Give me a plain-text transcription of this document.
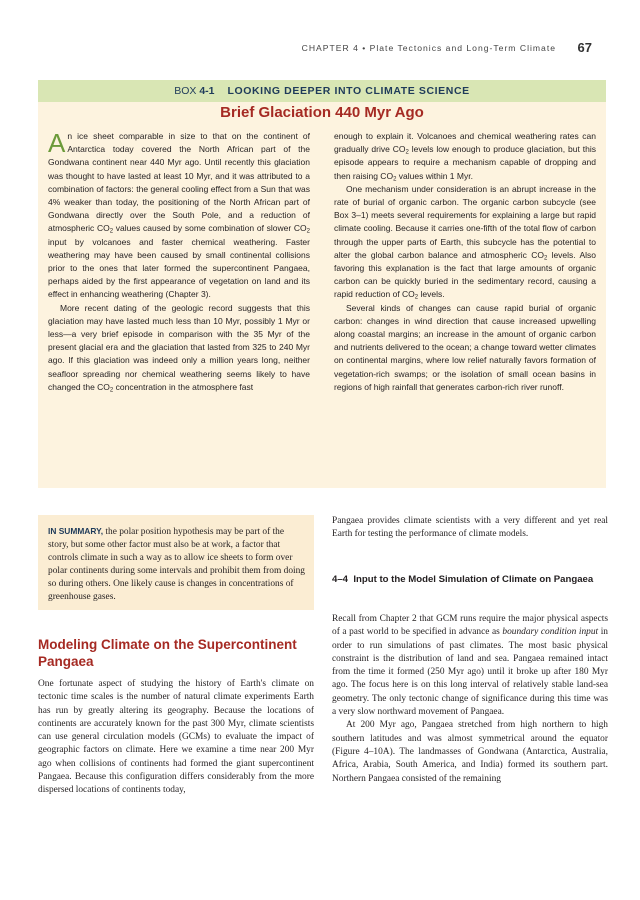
CHAPTER 4 • Plate Tectonics and Long-Term Climate 67
BOX 4-1 LOOKING DEEPER INTO CLIMATE SCIENCE
Brief Glaciation 440 Myr Ago

An ice sheet comparable in size to that on the continent of Antarctica today covered the North African part of the Gondwana continent near 440 Myr ago. Until recently this glaciation was thought to have lasted at least 10 Myr, and it was attributed to a combination of factors: the general cooling effect from a Sun that was 4% weaker than today, the positioning of the North African part of Gondwana directly over the South Pole, and a reduction of atmospheric $CO_2$ values caused by some combination of slower $CO_2$ input by volcanoes and faster chemical weathering. Faster weathering may have been caused by small continental collisions prior to the ones that later formed the supercontinent Pangaea, perhaps aided by the first appearance of vegetation on land and its effect in enhancing weathering (Chapter 3).

More recent dating of the geologic record suggests that this glaciation may have lasted much less than 10 Myr, possibly 1 Myr or less—a very brief episode in comparison with the 35 Myr of the present glacial era and the glaciation that lasted from 325 to 240 Myr ago. If this glaciation was indeed only a million years long, neither seafloor spreading nor chemical weathering seems likely to have changed the $CO_2$ concentration in the atmosphere fast

enough to explain it. Volcanoes and chemical weathering rates can gradually drive $CO_2$ levels low enough to produce glaciation, but this episode appears to require a mechanism capable of dropping and then raising $CO_2$ values within 1 Myr.

One mechanism under consideration is an abrupt increase in the rate of burial of organic carbon. The organic carbon subcycle (see Box 3–1) meets several requirements for explaining a large but rapid climate cooling. Because it carries one-fifth of the total flow of carbon through the upper parts of Earth, this subcycle has the potential to alter the global carbon balance and atmospheric $CO_2$ levels. Also favoring this explanation is the fact that large amounts of organic carbon can be quickly buried in the sedimentary record, causing a rapid reduction of $CO_2$ levels.

Several kinds of changes can cause rapid burial of organic carbon: changes in wind direction that cause increased upwelling along coastal margins; an increase in the amount of organic carbon and nutrients delivered to the ocean; a change toward wetter climates on continental margins, where low relief naturally favors formation of vegetation-rich swamps; or the isolation of small ocean basins in regions of high rainfall that generates carbon-rich river runoff.

IN SUMMARY, the polar position hypothesis may be part of the story, but some other factor must also be at work, a factor that controls climate in such a way as to allow ice sheets to form over polar continents during some intervals and prohibit them from doing so during others. One likely cause is changes in concentrations of greenhouse gases.
Modeling Climate on the Supercontinent Pangaea

One fortunate aspect of studying the history of Earth's climate on tectonic time scales is the number of natural climate experiments Earth has run by greatly altering its geography. Because the locations of continents are accurately known for the past 300 Myr, climate scientists can use general circulation models (GCMs) to evaluate the impact of geographic factors on climate. Here we examine a time near 200 Myr ago when collisions of continents had formed the giant supercontinent Pangaea. Because this configuration differs considerably from the more dispersed locations of continents today,

Pangaea provides climate scientists with a very different and yet real Earth for testing the performance of climate models.

4–4 Input to the Model Simulation of Climate on Pangaea

Recall from Chapter 2 that GCM runs require the major physical aspects of a past world to be specified in advance as boundary condition input in order to run simulations of past climates. The most basic physical constraint is the distribution of land and sea. Pangaea remained intact from the time it formed (250 Myr ago) until it broke up after 180 Myr ago. The focus here is on this long interval of relatively stable land-sea geometry. The only tectonic change of significance during this time was a very slow northward movement of Pangaea.

At 200 Myr ago, Pangaea stretched from high northern to high southern latitudes and was almost symmetrical around the equator (Figure 4–10A). The landmasses of Gondwana (Antarctica, Australia, Africa, Arabia, South America, and India) formed its southern part. Northern Pangaea consisted of the remaining
